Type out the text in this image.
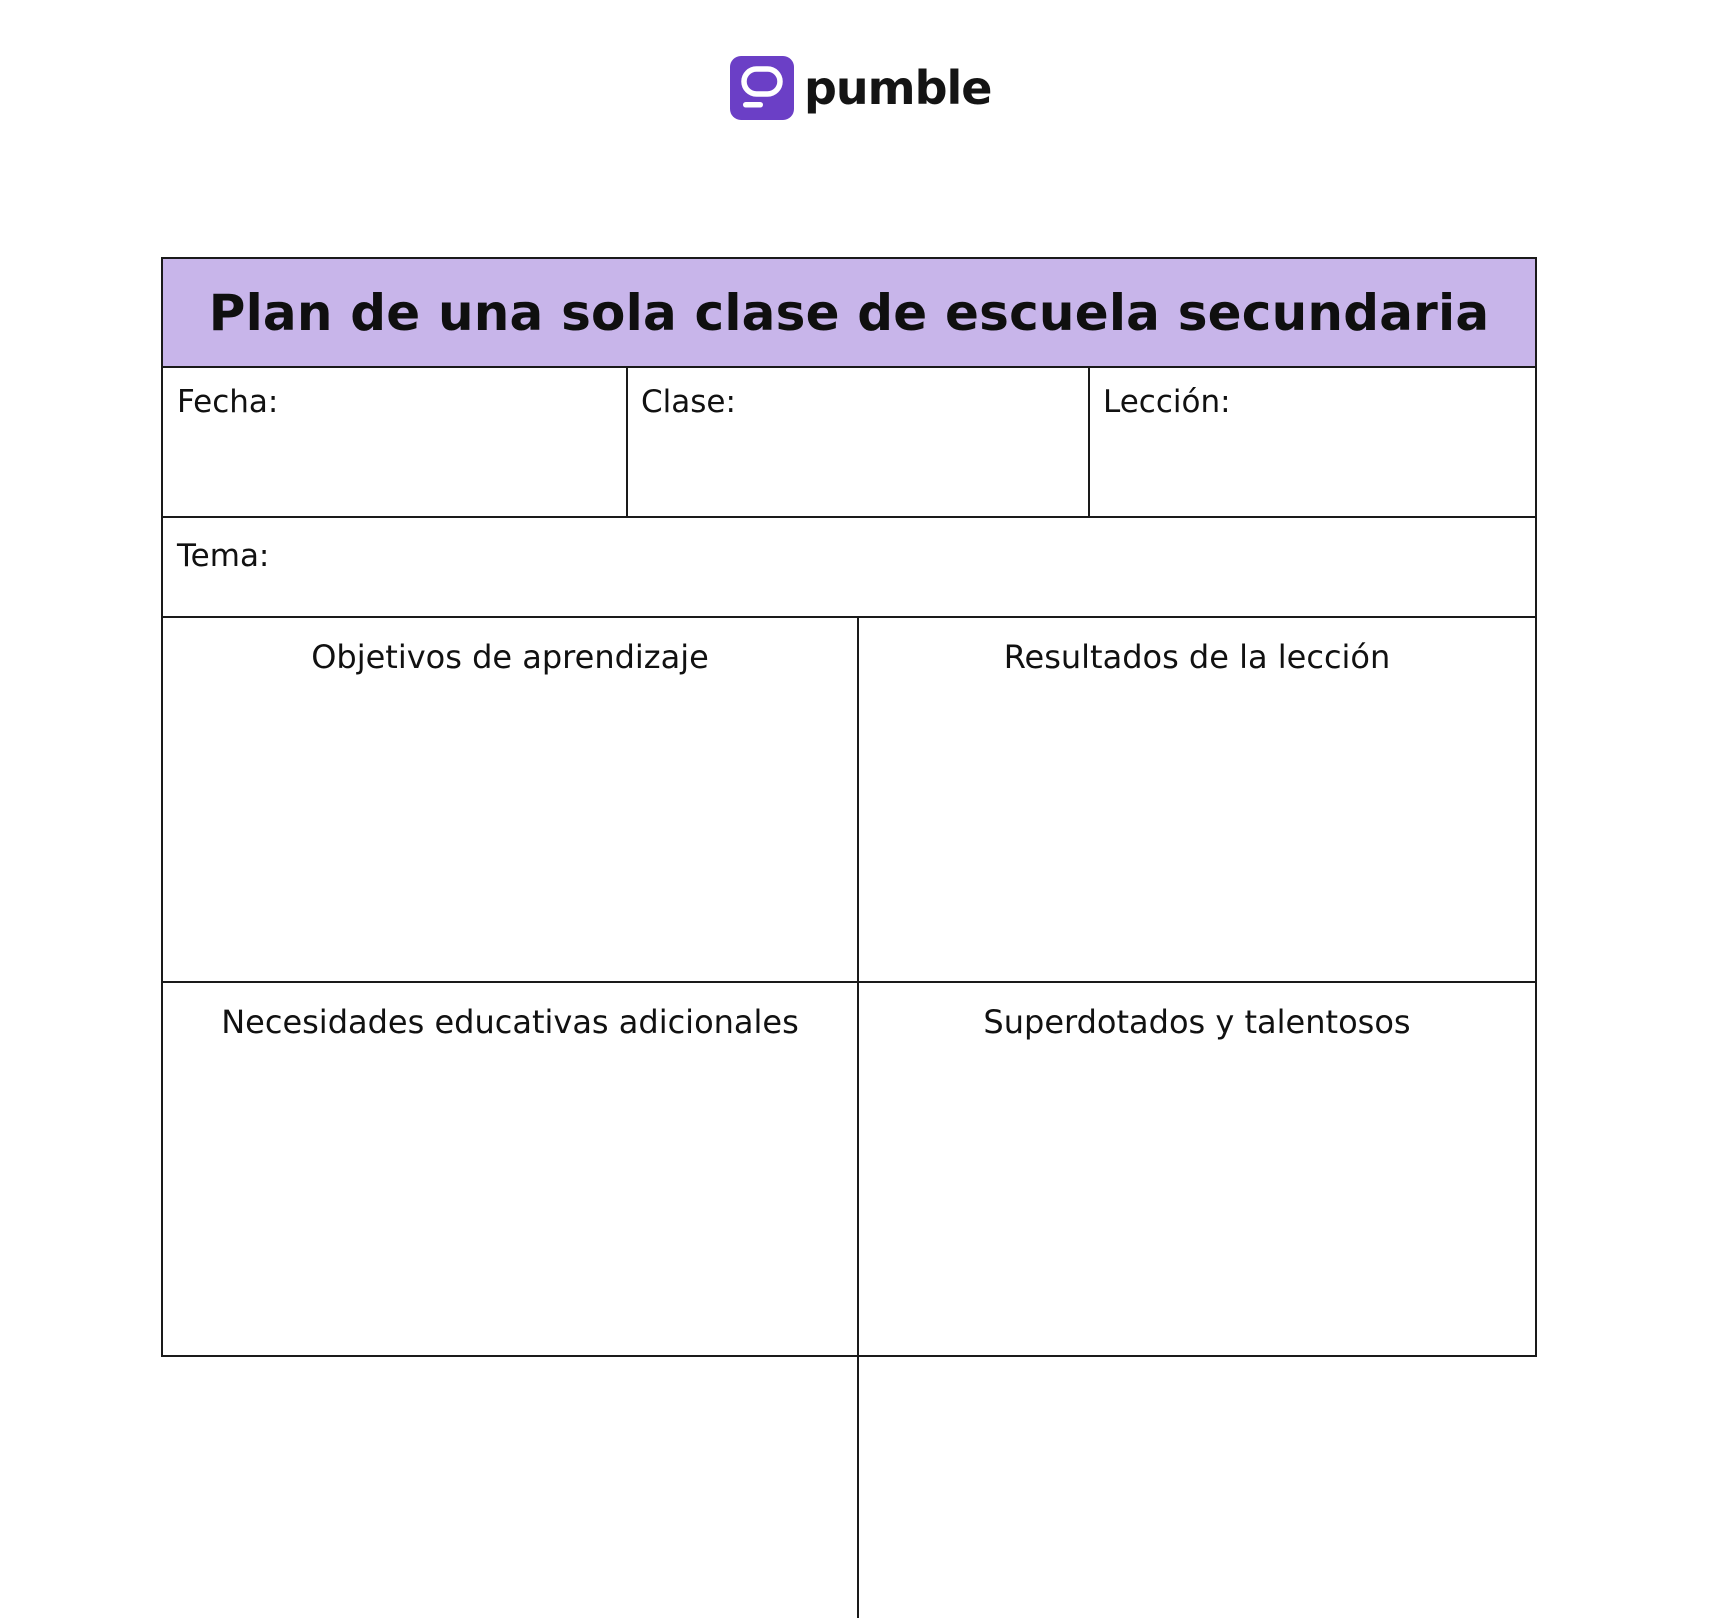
pumble
Plan de una sola clase de escuela secundaria
Fecha:	Clase:	Lección:
Tema:
Objetivos de aprendizaje	Resultados de la lección
Necesidades educativas adicionales	Superdotados y talentosos
